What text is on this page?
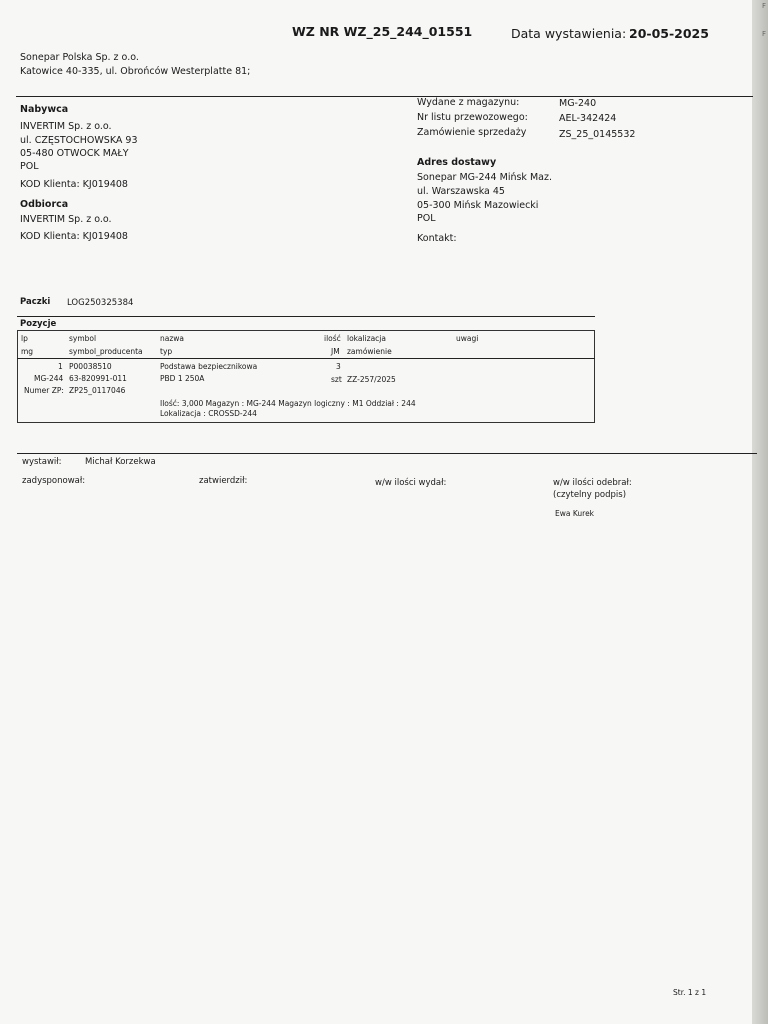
F
F
WZ NR WZ_25_244_01551	Data wystawienia: 20-05-2025
Sonepar Polska Sp. z o.o.
Katowice 40-335, ul. Obrońców Westerplatte 81;
Nabywca
INVERTIM Sp. z o.o.
ul. CZĘSTOCHOWSKA 93
05-480 OTWOCK MAŁY
POL
KOD Klienta: KJ019408
Odbiorca
INVERTIM Sp. z o.o.
KOD Klienta: KJ019408
Wydane z magazynu:	MG-240
Nr listu przewozowego:	AEL-342424
Zamówienie sprzedaży	ZS_25_0145532
Adres dostawy
Sonepar MG-244 Mińsk Maz.
ul. Warszawska 45
05-300 Mińsk Mazowiecki
POL
Kontakt:
Paczki LOG250325384
Pozycje
lp	symbol	nazwa	ilość lokalizacja	uwagi
mg	symbol_producenta typ	JM zamówienie
1 P00038510	Podstawa bezpiecznikowa	3
MG-244 63-820991-011	PBD 1 250A	szt ZZ-257/2025
Numer ZP: ZP25_0117046
Ilość: 3,000 Magazyn : MG-244 Magazyn logiczny : M1 Oddział : 244
Lokalizacja : CROSSD-244
wystawił:	Michał Korzekwa
zadysponował:	zatwierdził:	w/w ilości wydał:	w/w ilości odebrał:
(czytelny podpis)
Ewa Kurek
Str. 1 z 1
